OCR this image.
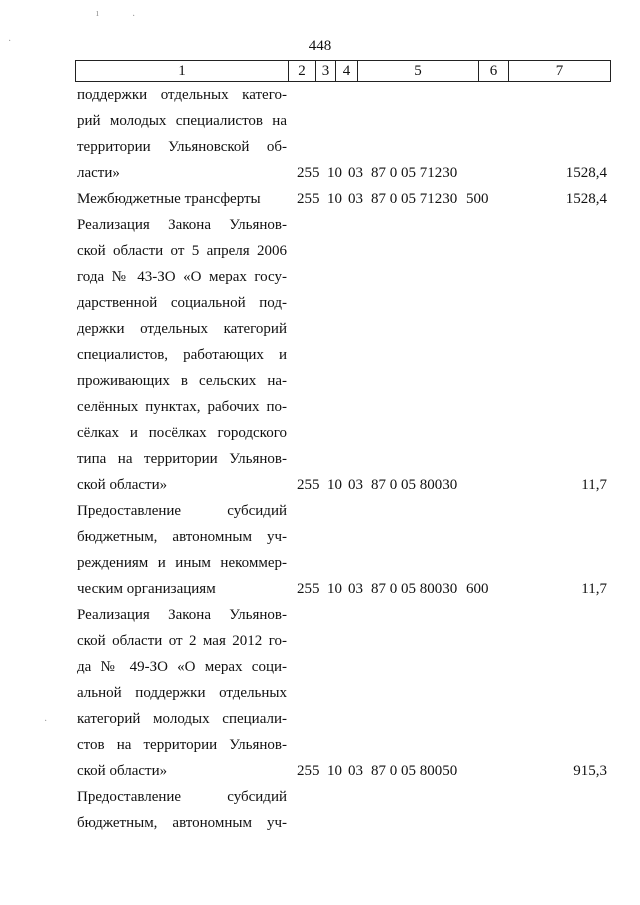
448
1	2	3	4	5	6	7
поддержки отдельных катего-
рий молодых специалистов на
территории Ульяновской об-
ласти»	255 10 03 87 0 05 71230	1528,4
Межбюджетные трансферты	255 10 03 87 0 05 71230 500	1528,4
Реализация Закона Ульянов-
ской области от 5 апреля 2006
года № 43-ЗО «О мерах госу-
дарственной социальной под-
держки отдельных категорий
специалистов, работающих и
проживающих в сельских на-
селённых пунктах, рабочих по-
сёлках и посёлках городского
типа на территории Ульянов-
ской области»	255 10 03 87 0 05 80030	11,7
Предоставление субсидий
бюджетным, автономным уч-
реждениям и иным некоммер-
ческим организациям	255 10 03 87 0 05 80030 600	11,7
Реализация Закона Ульянов-
ской области от 2 мая 2012 го-
да № 49-ЗО «О мерах соци-
альной поддержки отдельных
категорий молодых специали-
стов на территории Ульянов-
ской области»	255 10 03 87 0 05 80050	915,3
Предоставление субсидий
бюджетным, автономным уч-
ı	·
·
·
